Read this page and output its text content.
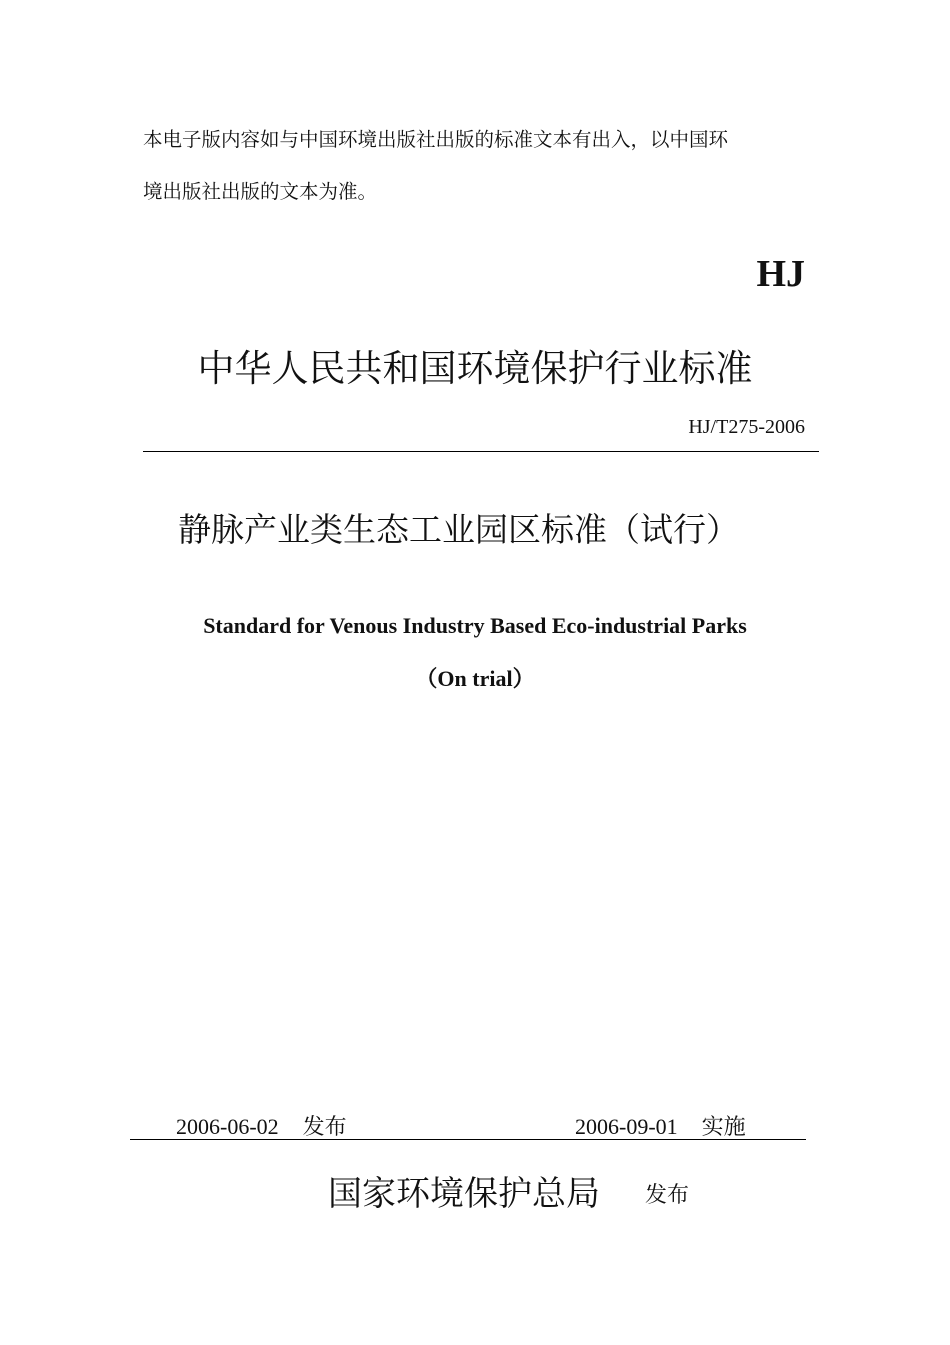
本电子版内容如与中国环境出版社出版的标准文本有出入，以中国环
境出版社出版的文本为准。
HJ
中华人民共和国环境保护行业标准
HJ/T275-2006
静脉产业类生态工业园区标准（试行）
Standard for Venous Industry Based Eco-industrial Parks
（On trial）
2006-06-02 发布	2006-09-01 实施
国家环境保护总局 发布
